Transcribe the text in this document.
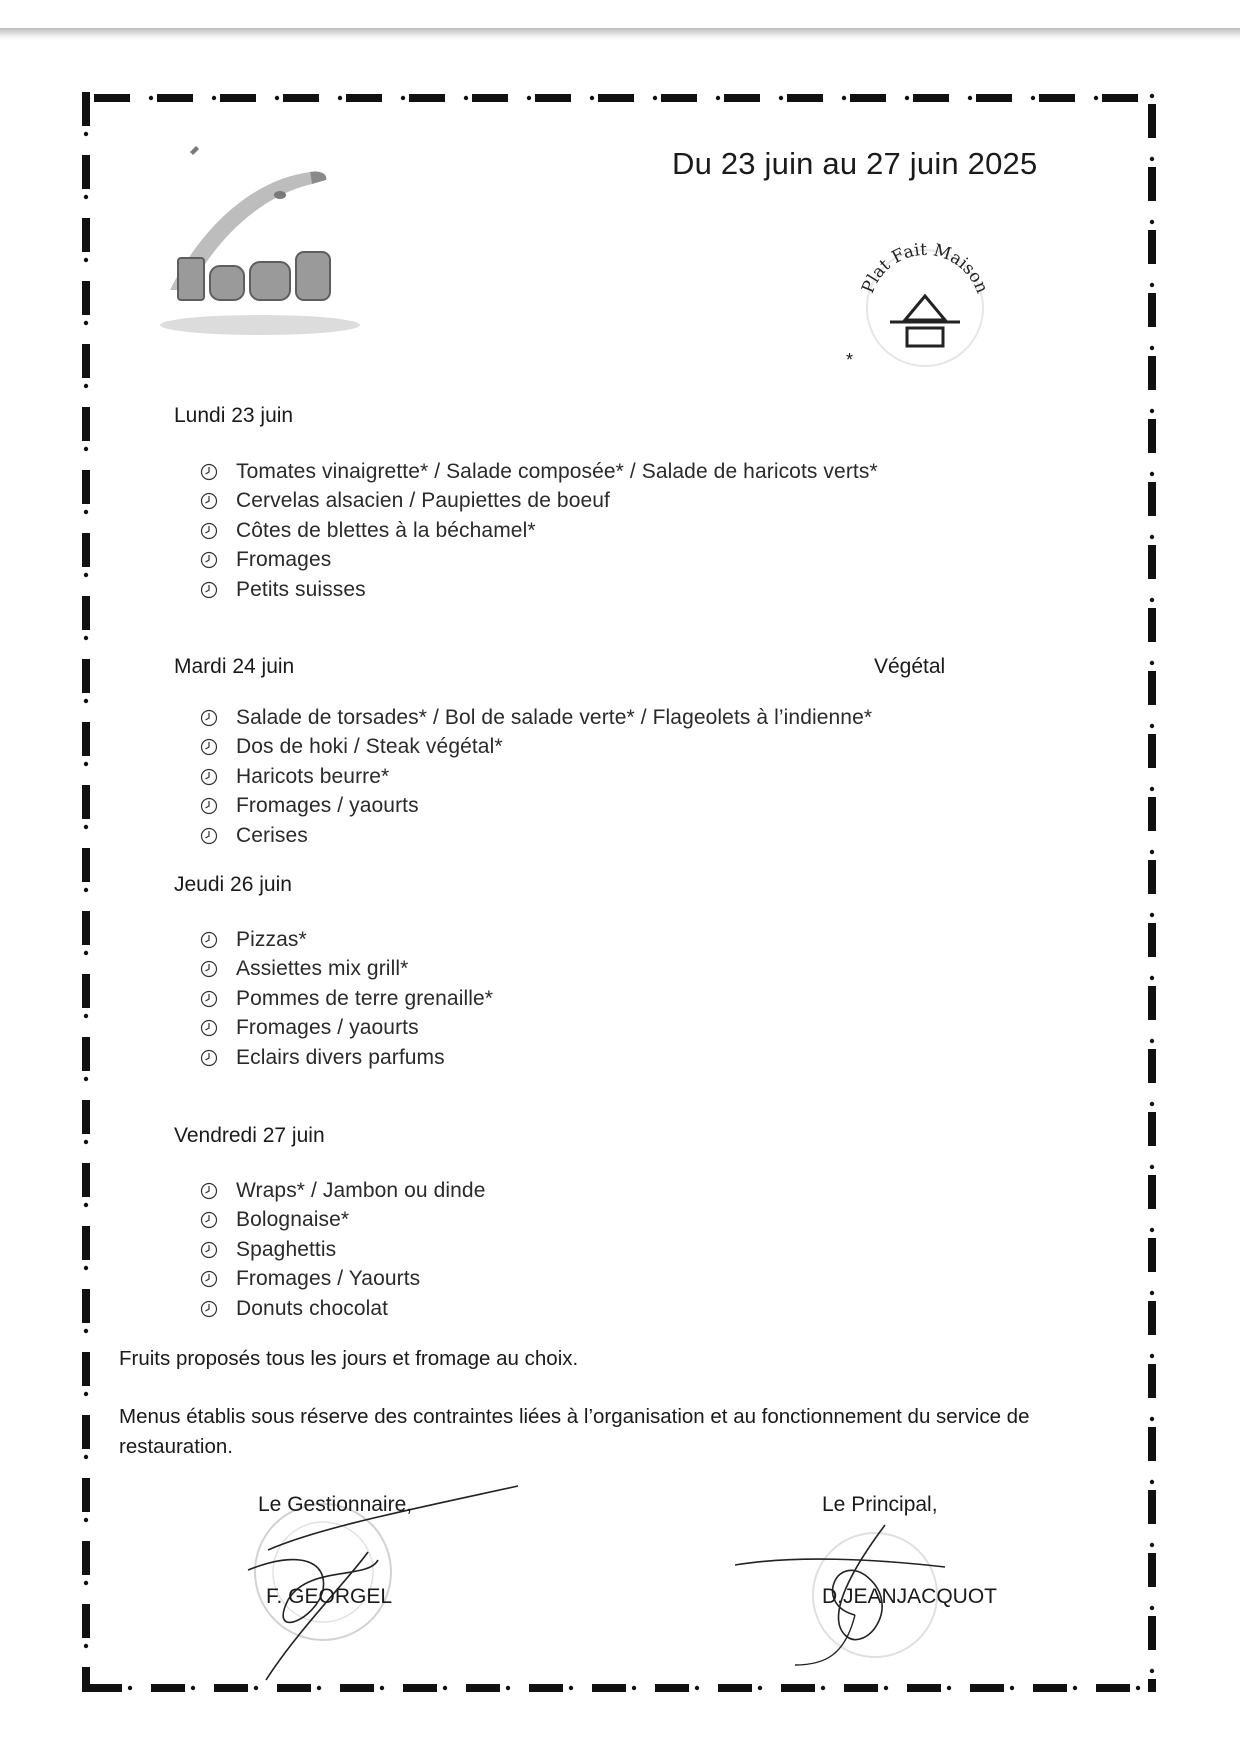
Plat Fait Maison
*
Du 23 juin au 27 juin 2025
Lundi 23 juin
Tomates vinaigrette* / Salade composée* / Salade de haricots verts*
Cervelas alsacien / Paupiettes de boeuf
Côtes de blettes à la béchamel*
Fromages
Petits suisses
Mardi 24 juin	Végétal
Salade de torsades* / Bol de salade verte* / Flageolets à l’indienne*
Dos de hoki / Steak végétal*
Haricots beurre*
Fromages / yaourts
Cerises
Jeudi 26 juin
Pizzas*
Assiettes mix grill*
Pommes de terre grenaille*
Fromages / yaourts
Eclairs divers parfums
Vendredi 27 juin
Wraps* / Jambon ou dinde
Bolognaise*
Spaghettis
Fromages / Yaourts
Donuts chocolat
Fruits proposés tous les jours et fromage au choix.
Menus établis sous réserve des contraintes liées à l’organisation et au fonctionnement du service de restauration.
Le Gestionnaire,
F. GEORGEL
Le Principal,
D.JEANJACQUOT
